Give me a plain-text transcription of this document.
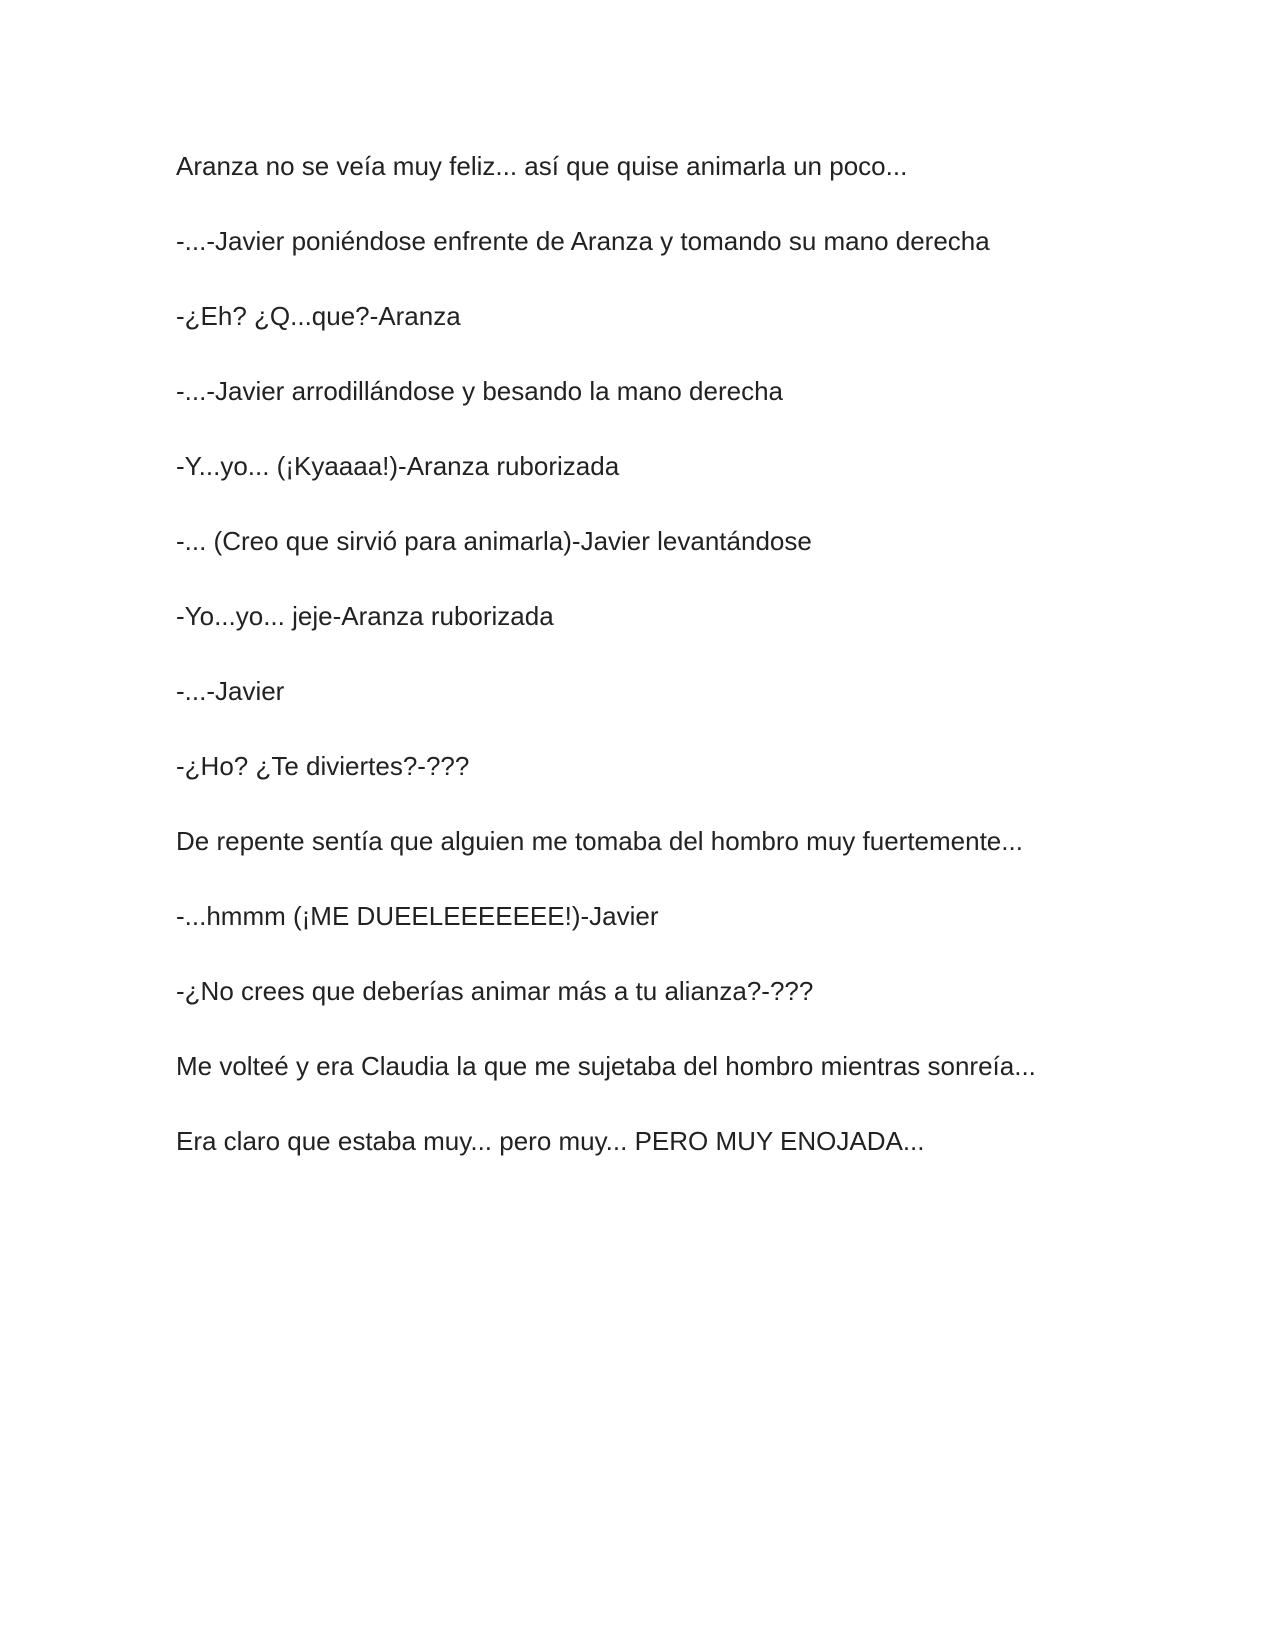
Aranza no se veía muy feliz... así que quise animarla un poco...

-...-Javier poniéndose enfrente de Aranza y tomando su mano derecha

-¿Eh? ¿Q...que?-Aranza

-...-Javier arrodillándose y besando la mano derecha

-Y...yo... (¡Kyaaaa!)-Aranza ruborizada

-... (Creo que sirvió para animarla)-Javier levantándose

-Yo...yo... jeje-Aranza ruborizada

-...-Javier

-¿Ho? ¿Te diviertes?-???

De repente sentía que alguien me tomaba del hombro muy fuertemente...

-...hmmm (¡ME DUEELEEEEEEE!)-Javier

-¿No crees que deberías animar más a tu alianza?-???

Me volteé y era Claudia la que me sujetaba del hombro mientras sonreía...

Era claro que estaba muy... pero muy... PERO MUY ENOJADA...
